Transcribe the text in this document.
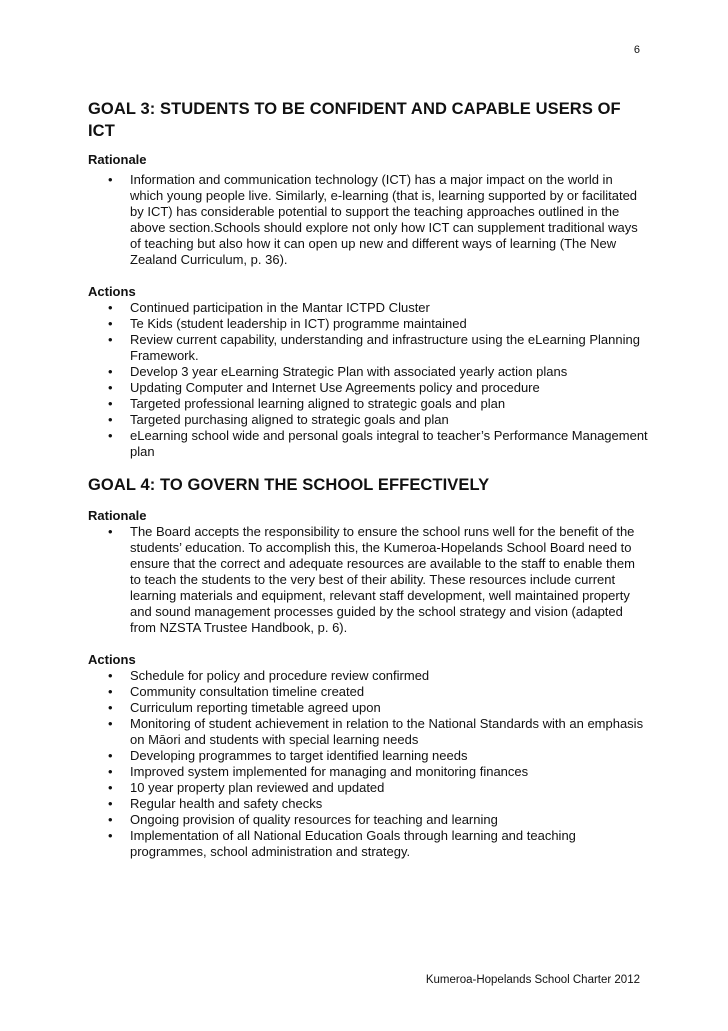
6
GOAL 3: STUDENTS TO BE CONFIDENT AND CAPABLE USERS OF ICT

Rationale

• Information and communication technology (ICT) has a major impact on the world in which young people live. Similarly, e-learning (that is, learning supported by or facilitated by ICT) has considerable potential to support the teaching approaches outlined in the above section.Schools should explore not only how ICT can supplement traditional ways of teaching but also how it can open up new and different ways of learning (The New Zealand Curriculum, p. 36).

Actions

• Continued participation in the Mantar ICTPD Cluster
• Te Kids (student leadership in ICT) programme maintained
• Review current capability, understanding and infrastructure using the eLearning Planning Framework.
• Develop 3 year eLearning Strategic Plan with associated yearly action plans
• Updating Computer and Internet Use Agreements policy and procedure
• Targeted professional learning aligned to strategic goals and plan
• Targeted purchasing aligned to strategic goals and plan
• eLearning school wide and personal goals integral to teacher’s Performance Management plan
GOAL 4: TO GOVERN THE SCHOOL EFFECTIVELY

Rationale

• The Board accepts the responsibility to ensure the school runs well for the benefit of the students’ education. To accomplish this, the Kumeroa-Hopelands School Board need to ensure that the correct and adequate resources are available to the staff to enable them to teach the students to the very best of their ability. These resources include current learning materials and equipment, relevant staff development, well maintained property and sound management processes guided by the school strategy and vision (adapted from NZSTA Trustee Handbook, p. 6).

Actions

• Schedule for policy and procedure review confirmed
• Community consultation timeline created
• Curriculum reporting timetable agreed upon
• Monitoring of student achievement in relation to the National Standards with an emphasis on Māori and students with special learning needs
• Developing programmes to target identified learning needs
• Improved system implemented for managing and monitoring finances
• 10 year property plan reviewed and updated
• Regular health and safety checks
• Ongoing provision of quality resources for teaching and learning
• Implementation of all National Education Goals through learning and teaching programmes, school administration and strategy.
Kumeroa-Hopelands School Charter 2012
